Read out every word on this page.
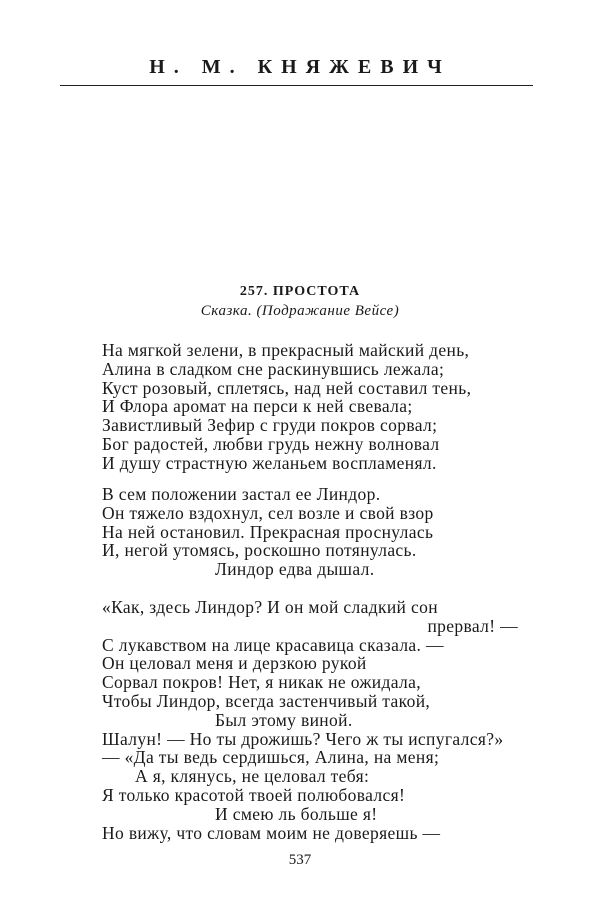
Н. М. КНЯЖЕВИЧ
257. ПРОСТОТА
Сказка. (Подражание Вейсе)
На мягкой зелени, в прекрасный майский день,
Алина в сладком сне раскинувшись лежала;
Куст розовый, сплетясь, над ней составил тень,
И Флора аромат на перси к ней свевала;
Завистливый Зефир с груди покров сорвал;
Бог радостей, любви грудь нежну волновал
И душу страстную желаньем воспламенял.
В сем положении застал ее Линдор.
Он тяжело вздохнул, сел возле и свой взор
На ней остановил. Прекрасная проснулась
И, негой утомясь, роскошно потянулась.
Линдор едва дышал.
«Как, здесь Линдор? И он мой сладкий сон
прервал! —
С лукавством на лице красавица сказала. —
Он целовал меня и дерзкою рукой
Сорвал покров! Нет, я никак не ожидала,
Чтобы Линдор, всегда застенчивый такой,
Был этому виной.
Шалун! — Но ты дрожишь? Чего ж ты испугался?»
— «Да ты ведь сердишься, Алина, на меня;
А я, клянусь, не целовал тебя:
Я только красотой твоей полюбовался!
И смею ль больше я!
Но вижу, что словам моим не доверяешь —
537
